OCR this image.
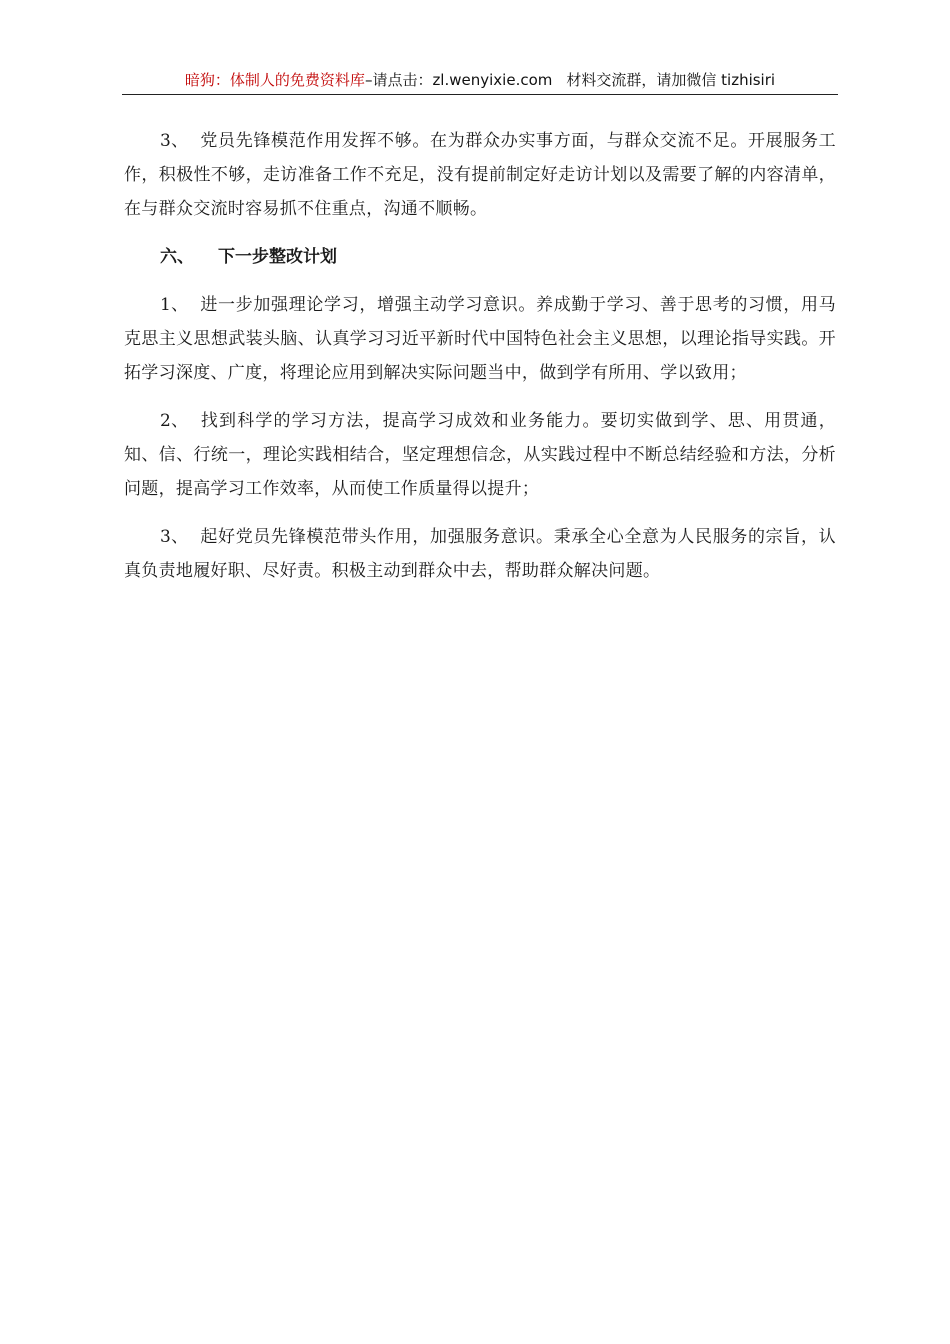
暗狗：体制人的免费资料库–请点击：zl.wenyixie.com 材料交流群，请加微信 tizhisiri

3、 党员先锋模范作用发挥不够。在为群众办实事方面，与群众交流不足。开展服务工作，积极性不够，走访准备工作不充足，没有提前制定好走访计划以及需要了解的内容清单，在与群众交流时容易抓不住重点，沟通不顺畅。

六、 下一步整改计划

1、 进一步加强理论学习，增强主动学习意识。养成勤于学习、善于思考的习惯，用马克思主义思想武装头脑、认真学习习近平新时代中国特色社会主义思想，以理论指导实践。开拓学习深度、广度，将理论应用到解决实际问题当中，做到学有所用、学以致用；

2、 找到科学的学习方法，提高学习成效和业务能力。要切实做到学、思、用贯通，知、信、行统一，理论实践相结合，坚定理想信念，从实践过程中不断总结经验和方法，分析问题，提高学习工作效率，从而使工作质量得以提升；

3、 起好党员先锋模范带头作用，加强服务意识。秉承全心全意为人民服务的宗旨，认真负责地履好职、尽好责。积极主动到群众中去，帮助群众解决问题。
